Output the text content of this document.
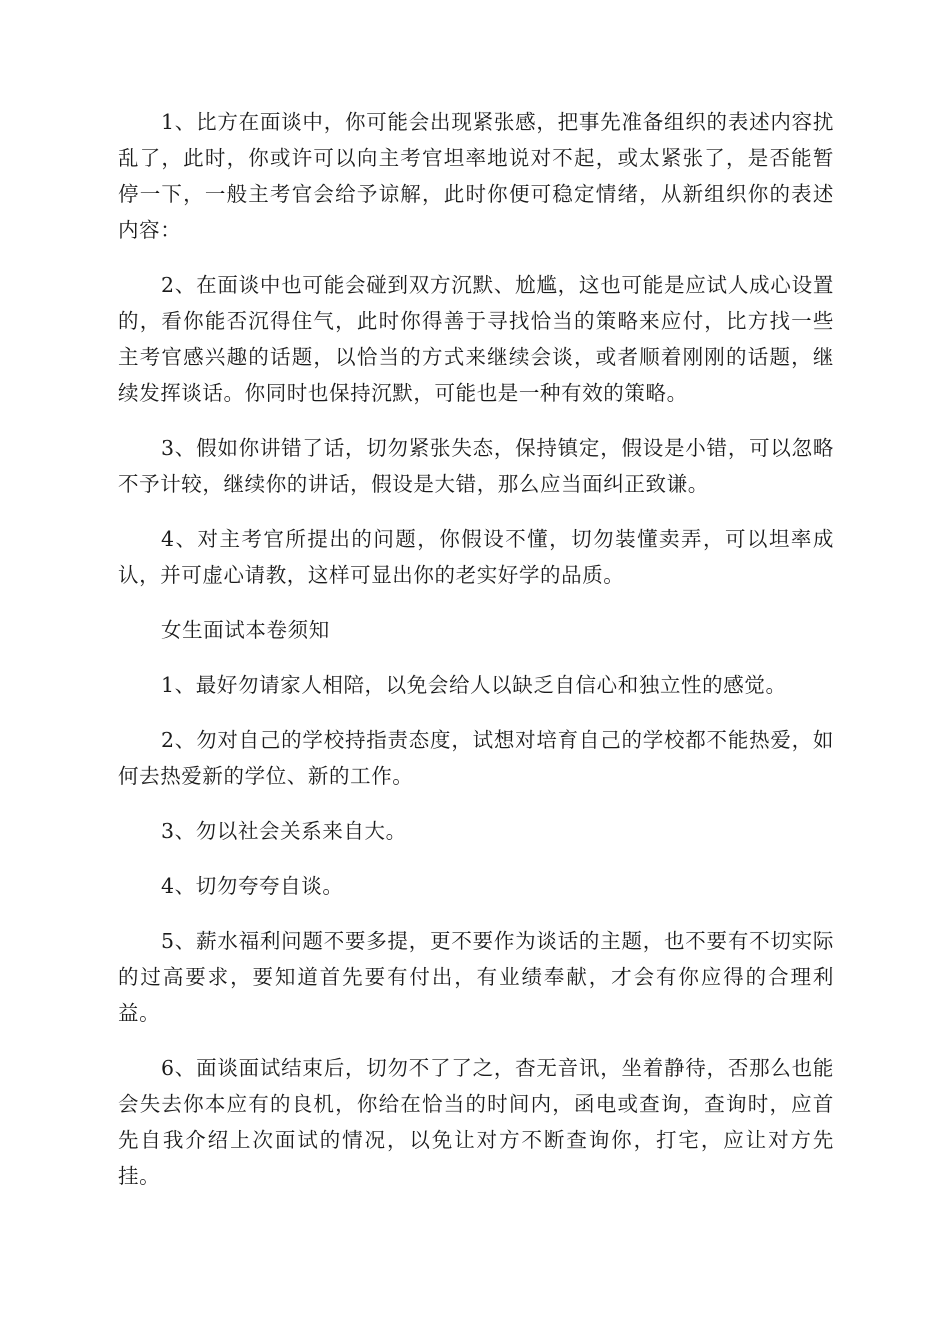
1、比方在面谈中，你可能会出现紧张感，把事先准备组织的表述内容扰乱了，此时，你或许可以向主考官坦率地说对不起，或太紧张了，是否能暂停一下，一般主考官会给予谅解，此时你便可稳定情绪，从新组织你的表述内容：

2、在面谈中也可能会碰到双方沉默、尬尴，这也可能是应试人成心设置的，看你能否沉得住气，此时你得善于寻找恰当的策略来应付，比方找一些主考官感兴趣的话题，以恰当的方式来继续会谈，或者顺着刚刚的话题，继续发挥谈话。你同时也保持沉默，可能也是一种有效的策略。

3、假如你讲错了话，切勿紧张失态，保持镇定，假设是小错，可以忽略不予计较，继续你的讲话，假设是大错，那么应当面纠正致谦。

4、对主考官所提出的问题，你假设不懂，切勿装懂卖弄，可以坦率成认，并可虚心请教，这样可显出你的老实好学的品质。

女生面试本卷须知

1、最好勿请家人相陪，以免会给人以缺乏自信心和独立性的感觉。

2、勿对自己的学校持指责态度，试想对培育自己的学校都不能热爱，如何去热爱新的学位、新的工作。

3、勿以社会关系来自大。

4、切勿夸夸自谈。

5、薪水福利问题不要多提，更不要作为谈话的主题，也不要有不切实际的过高要求，要知道首先要有付出，有业绩奉献，才会有你应得的合理利益。

6、面谈面试结束后，切勿不了了之，杳无音讯，坐着静待，否那么也能会失去你本应有的良机，你给在恰当的时间内，函电或查询，查询时，应首先自我介绍上次面试的情况，以免让对方不断查询你，打宅，应让对方先挂。
